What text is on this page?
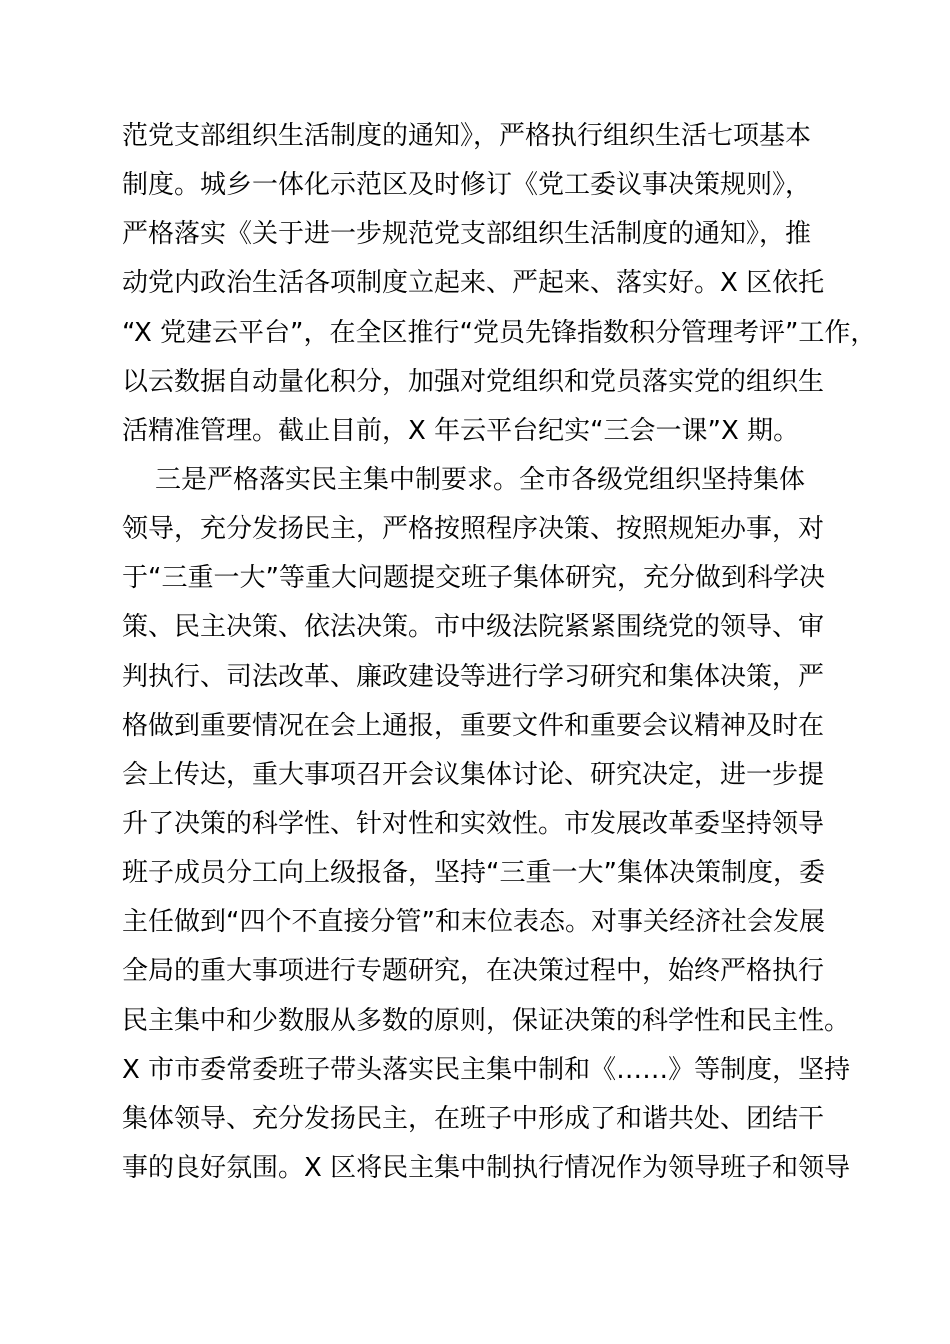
范党支部组织生活制度的通知》，严格执行组织生活七项基本
制度。城乡一体化示范区及时修订《党工委议事决策规则》，
严格落实《关于进一步规范党支部组织生活制度的通知》，推
动党内政治生活各项制度立起来、严起来、落实好。X 区依托
“X 党建云平台”，在全区推行“党员先锋指数积分管理考评”工作，
以云数据自动量化积分，加强对党组织和党员落实党的组织生
活精准管理。截止目前，X 年云平台纪实“三会一课”X 期。
三是严格落实民主集中制要求。全市各级党组织坚持集体
领导，充分发扬民主，严格按照程序决策、按照规矩办事，对
于“三重一大”等重大问题提交班子集体研究，充分做到科学决
策、民主决策、依法决策。市中级法院紧紧围绕党的领导、审
判执行、司法改革、廉政建设等进行学习研究和集体决策，严
格做到重要情况在会上通报，重要文件和重要会议精神及时在
会上传达，重大事项召开会议集体讨论、研究决定，进一步提
升了决策的科学性、针对性和实效性。市发展改革委坚持领导
班子成员分工向上级报备，坚持“三重一大”集体决策制度，委
主任做到“四个不直接分管”和末位表态。对事关经济社会发展
全局的重大事项进行专题研究，在决策过程中，始终严格执行
民主集中和少数服从多数的原则，保证决策的科学性和民主性。
X 市市委常委班子带头落实民主集中制和《……》等制度，坚持
集体领导、充分发扬民主，在班子中形成了和谐共处、团结干
事的良好氛围。X 区将民主集中制执行情况作为领导班子和领导
